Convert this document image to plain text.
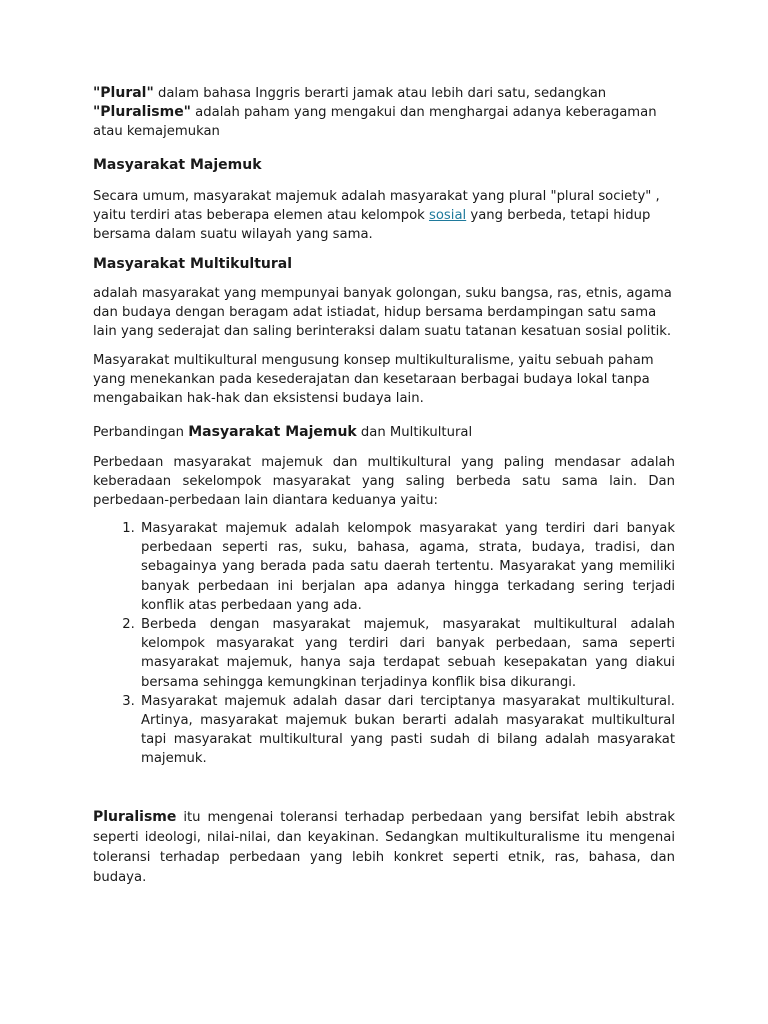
"Plural" dalam bahasa Inggris berarti jamak atau lebih dari satu, sedangkan "Pluralisme" adalah paham yang mengakui dan menghargai adanya keberagaman atau kemajemukan

Masyarakat Majemuk

Secara umum, masyarakat majemuk adalah masyarakat yang plural "plural society" , yaitu terdiri atas beberapa elemen atau kelompok sosial yang berbeda, tetapi hidup bersama dalam suatu wilayah yang sama.

Masyarakat Multikultural

adalah masyarakat yang mempunyai banyak golongan, suku bangsa, ras, etnis, agama dan budaya dengan beragam adat istiadat, hidup bersama berdampingan satu sama lain yang sederajat dan saling berinteraksi dalam suatu tatanan kesatuan sosial politik.

Masyarakat multikultural mengusung konsep multikulturalisme, yaitu sebuah paham yang menekankan pada kesederajatan dan kesetaraan berbagai budaya lokal tanpa mengabaikan hak-hak dan eksistensi budaya lain.

Perbandingan Masyarakat Majemuk dan Multikultural

Perbedaan masyarakat majemuk dan multikultural yang paling mendasar adalah keberadaan sekelompok masyarakat yang saling berbeda satu sama lain. Dan perbedaan-perbedaan lain diantara keduanya yaitu:

1. Masyarakat majemuk adalah kelompok masyarakat yang terdiri dari banyak perbedaan seperti ras, suku, bahasa, agama, strata, budaya, tradisi, dan sebagainya yang berada pada satu daerah tertentu. Masyarakat yang memiliki banyak perbedaan ini berjalan apa adanya hingga terkadang sering terjadi konflik atas perbedaan yang ada.
2. Berbeda dengan masyarakat majemuk, masyarakat multikultural adalah kelompok masyarakat yang terdiri dari banyak perbedaan, sama seperti masyarakat majemuk, hanya saja terdapat sebuah kesepakatan yang diakui bersama sehingga kemungkinan terjadinya konflik bisa dikurangi.
3. Masyarakat majemuk adalah dasar dari terciptanya masyarakat multikultural. Artinya, masyarakat majemuk bukan berarti adalah masyarakat multikultural tapi masyarakat multikultural yang pasti sudah di bilang adalah masyarakat majemuk.

Pluralisme itu mengenai toleransi terhadap perbedaan yang bersifat lebih abstrak seperti ideologi, nilai-nilai, dan keyakinan. Sedangkan multikulturalisme itu mengenai toleransi terhadap perbedaan yang lebih konkret seperti etnik, ras, bahasa, dan budaya.
